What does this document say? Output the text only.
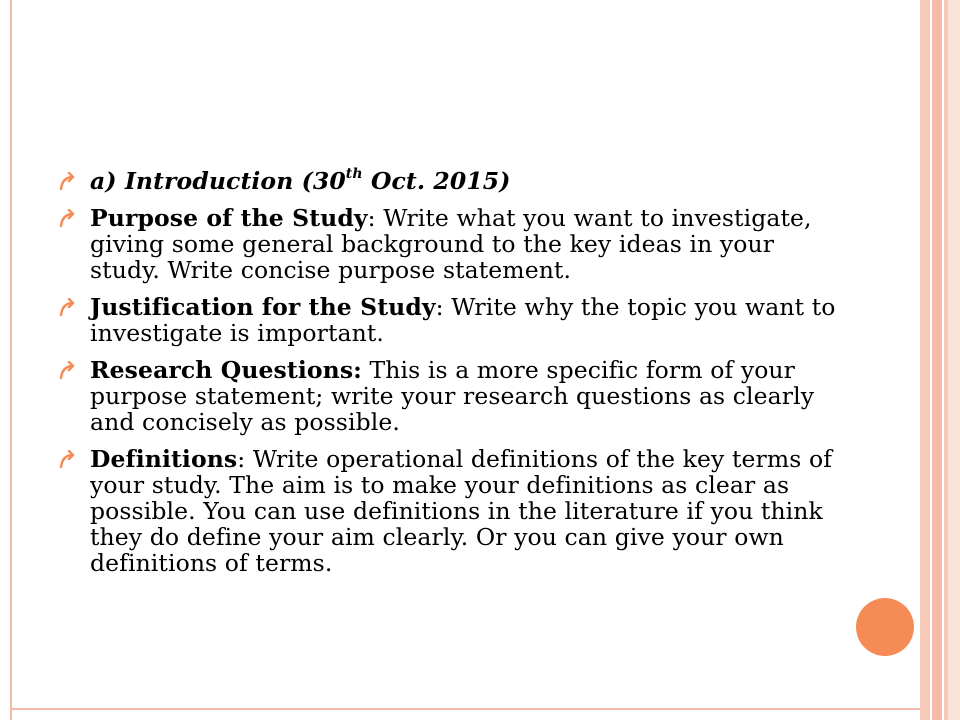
a) Introduction (30th Oct. 2015)
Purpose of the Study: Write what you want to investigate, giving some general background to the key ideas in your study. Write concise purpose statement.
Justification for the Study: Write why the topic you want to investigate is important.
Research Questions: This is a more specific form of your purpose statement; write your research questions as clearly and concisely as possible.
Definitions: Write operational definitions of the key terms of your study. The aim is to make your definitions as clear as possible. You can use definitions in the literature if you think they do define your aim clearly. Or you can give your own definitions of terms.
